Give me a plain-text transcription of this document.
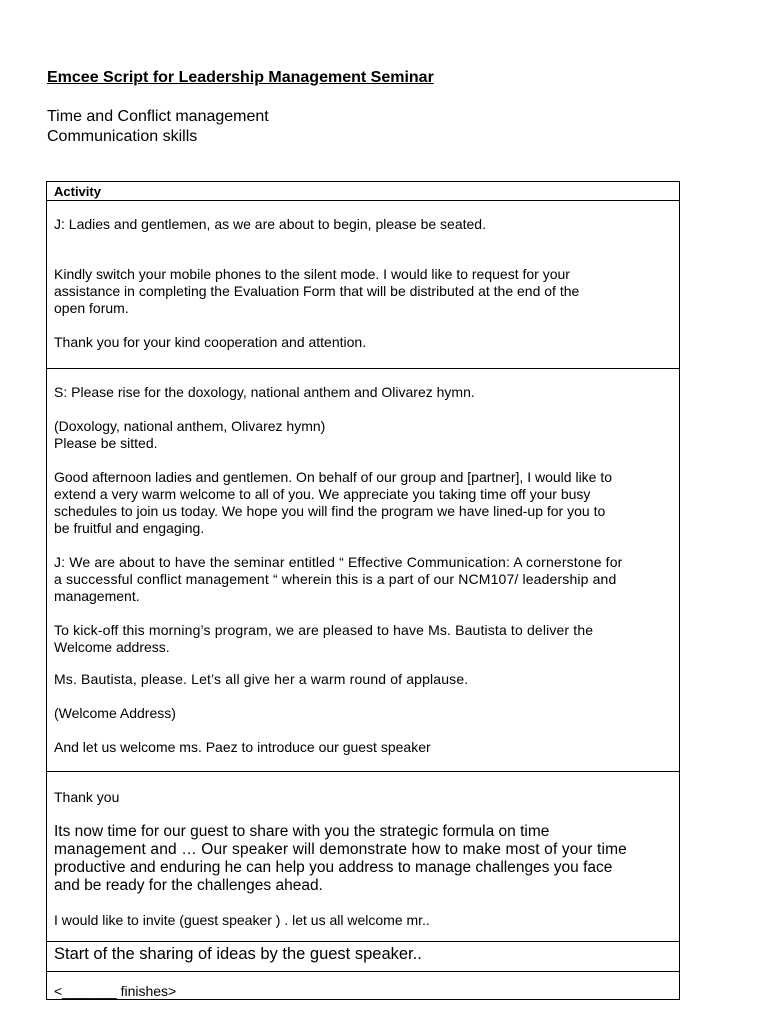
Emcee Script for Leadership Management Seminar
Time and Conflict management
Communication skills
Activity
J: Ladies and gentlemen, as we are about to begin, please be seated.
Kindly switch your mobile phones to the silent mode. I would like to request for your
assistance in completing the Evaluation Form that will be distributed at the end of the
open forum.
Thank you for your kind cooperation and attention.
S: Please rise for the doxology, national anthem and Olivarez hymn.
(Doxology, national anthem, Olivarez hymn)
Please be sitted.
Good afternoon ladies and gentlemen. On behalf of our group and [partner], I would like to
extend a very warm welcome to all of you. We appreciate you taking time off your busy
schedules to join us today. We hope you will find the program we have lined-up for you to
be fruitful and engaging.
J: We are about to have the seminar entitled “ Effective Communication: A cornerstone for
a successful conflict management “ wherein this is a part of our NCM107/ leadership and
management.
To kick-off this morning’s program, we are pleased to have Ms. Bautista to deliver the
Welcome address.
Ms. Bautista, please. Let’s all give her a warm round of applause.
(Welcome Address)
And let us welcome ms. Paez to introduce our guest speaker
Thank you
Its now time for our guest to share with you the strategic formula on time
management and … Our speaker will demonstrate how to make most of your time
productive and enduring he can help you address to manage challenges you face
and be ready for the challenges ahead.
I would like to invite (guest speaker ) . let us all welcome mr..
Start of the sharing of ideas by the guest speaker..
<_______ finishes>
